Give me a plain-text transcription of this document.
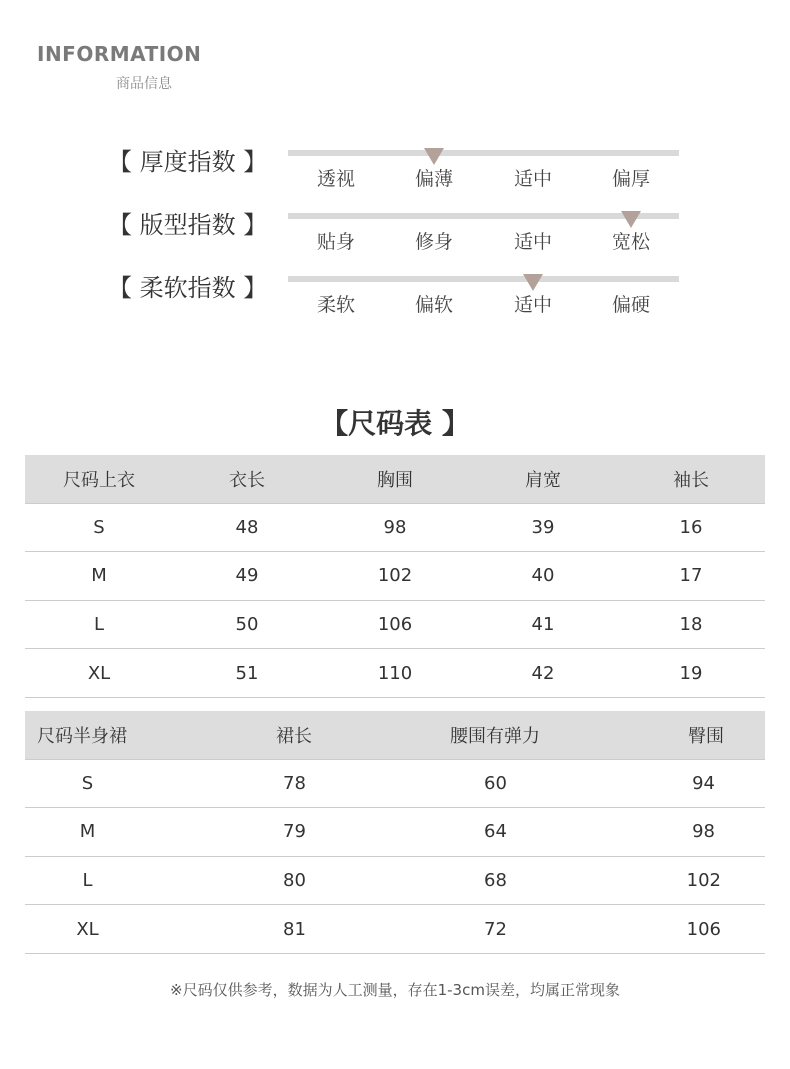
INFORMATION
商品信息
【 厚度指数 】
透视	偏薄	适中	偏厚
【 版型指数 】
贴身	修身	适中	宽松
【 柔软指数 】
柔软	偏软	适中	偏硬
【尺码表 】
尺码上衣	衣长	胸围	肩宽	袖长
S	48	98	39	16
M	49	102	40	17
L	50	106	41	18
XL	51	110	42	19
尺码半身裙	裙长	腰围有弹力	臀围
S	78	60	94
M	79	64	98
L	80	68	102
XL	81	72	106
※尺码仅供参考，数据为人工测量，存在1-3cm误差，均属正常现象
